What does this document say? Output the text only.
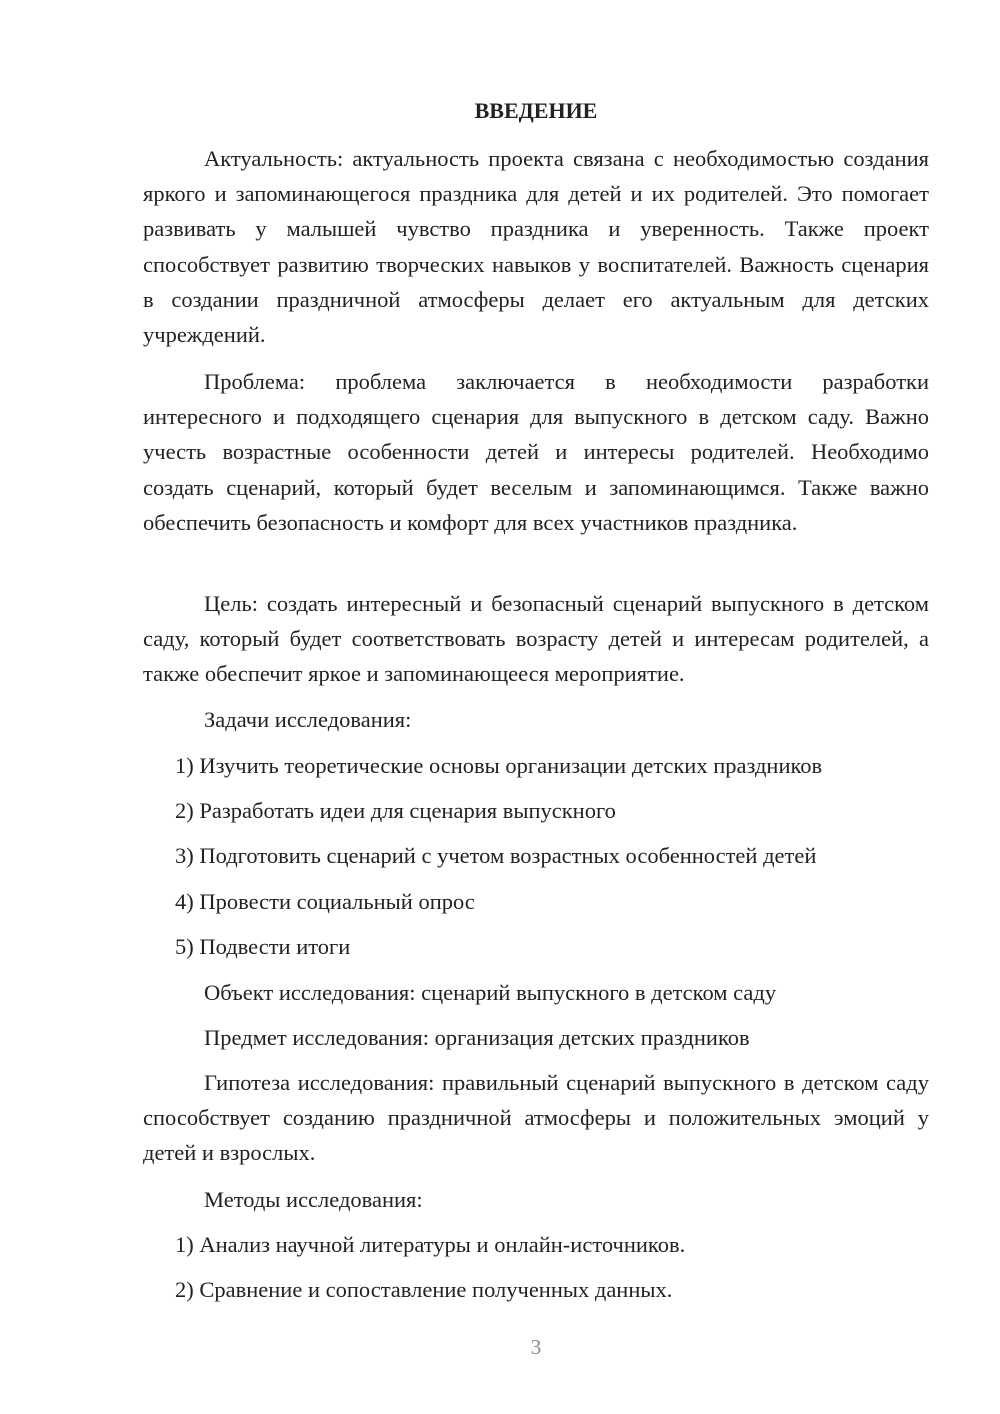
ВВЕДЕНИЕ

Актуальность: актуальность проекта связана с необходимостью создания яркого и запоминающегося праздника для детей и их родителей. Это помогает развивать у малышей чувство праздника и уверенность. Также проект способствует развитию творческих навыков у воспитателей. Важность сценария в создании праздничной атмосферы делает его актуальным для детских учреждений.

Проблема: проблема заключается в необходимости разработки интересного и подходящего сценария для выпускного в детском саду. Важно учесть возрастные особенности детей и интересы родителей. Необходимо создать сценарий, который будет веселым и запоминающимся. Также важно обеспечить безопасность и комфорт для всех участников праздника.

Цель: создать интересный и безопасный сценарий выпускного в детском саду, который будет соответствовать возрасту детей и интересам родителей, а также обеспечит яркое и запоминающееся мероприятие.

Задачи исследования:

1) Изучить теоретические основы организации детских праздников

2) Разработать идеи для сценария выпускного

3) Подготовить сценарий с учетом возрастных особенностей детей

4) Провести социальный опрос

5) Подвести итоги

Объект исследования: сценарий выпускного в детском саду

Предмет исследования: организация детских праздников

Гипотеза исследования: правильный сценарий выпускного в детском саду способствует созданию праздничной атмосферы и положительных эмоций у детей и взрослых.

Методы исследования:

1) Анализ научной литературы и онлайн-источников.

2) Сравнение и сопоставление полученных данных.

3
